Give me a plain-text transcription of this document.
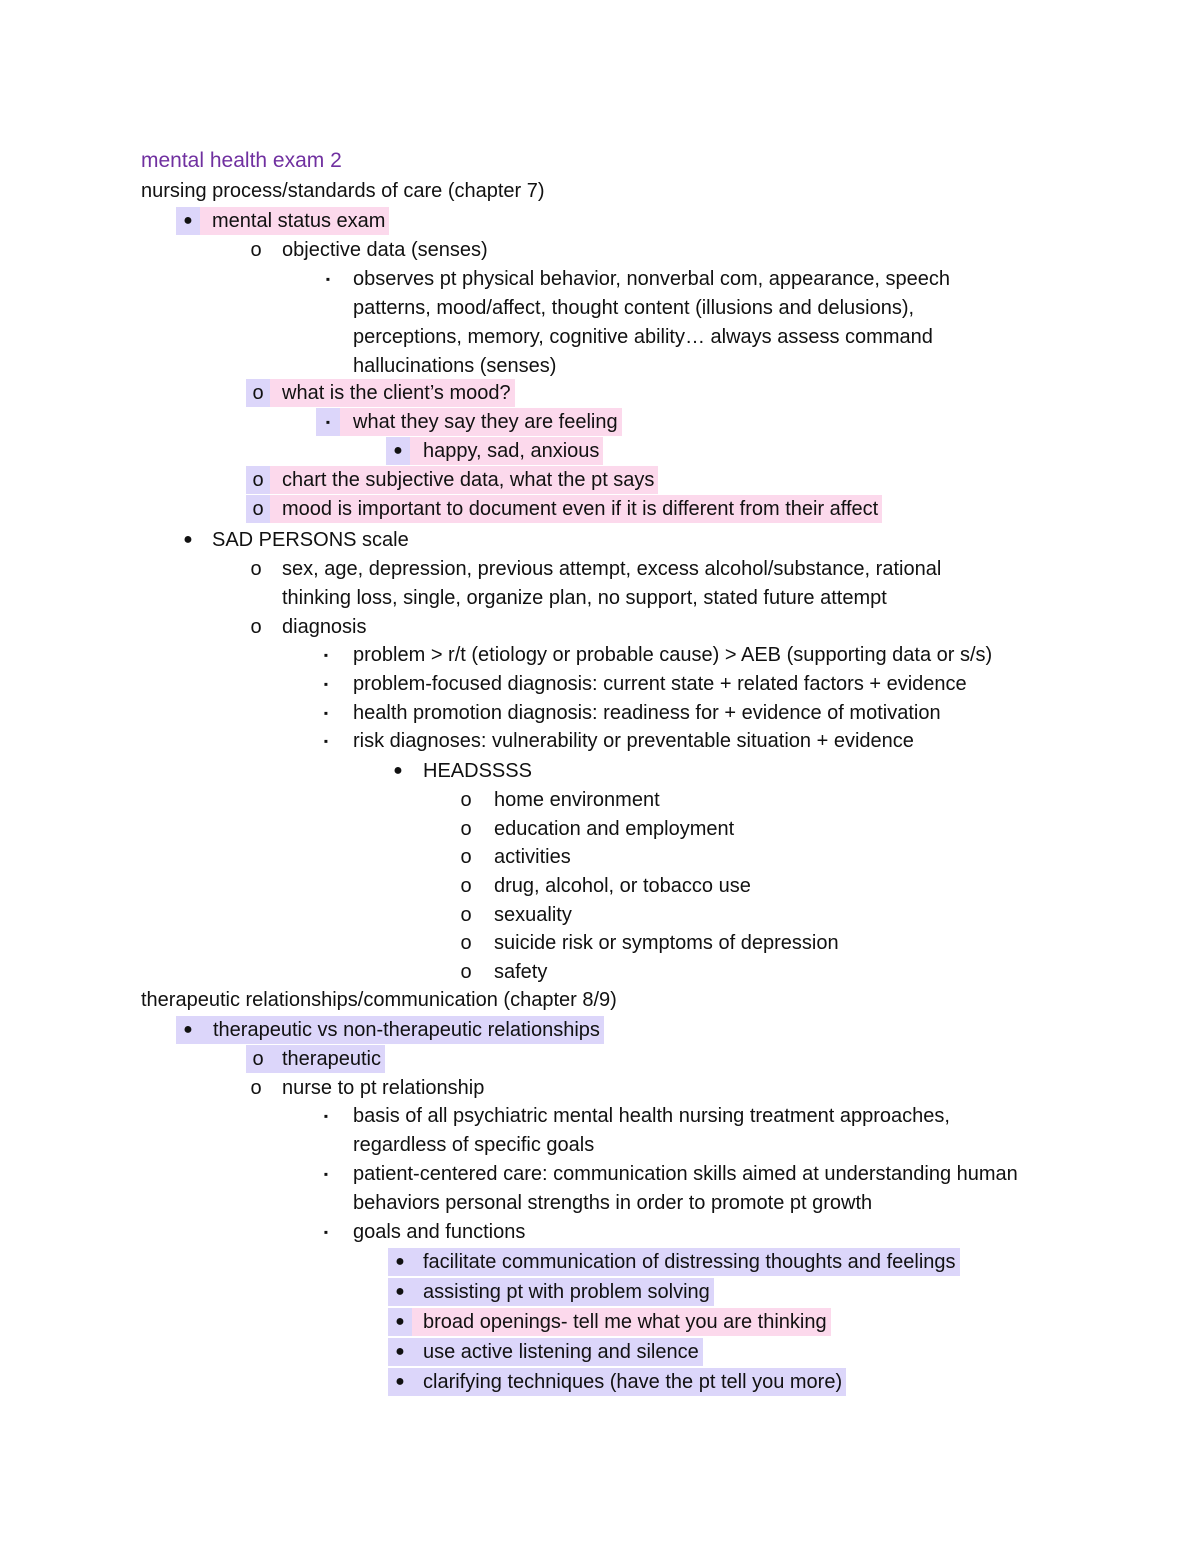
mental health exam 2
nursing process/standards of care (chapter 7)
● mental status exam
o	objective data (senses)
▪	observes pt physical behavior, nonverbal com, appearance, speech patterns, mood/affect, thought content (illusions and delusions), perceptions, memory, cognitive ability… always assess command hallucinations (senses)
o what is the client’s mood?
▪	what they say they are feeling
●	happy, sad, anxious
o chart the subjective data, what the pt says
o mood is important to document even if it is different from their affect
● SAD PERSONS scale
o	sex, age, depression, previous attempt, excess alcohol/substance, rational thinking loss, single, organize plan, no support, stated future attempt
o	diagnosis
▪	problem > r/t (etiology or probable cause) > AEB (supporting data or s/s)
▪	problem-focused diagnosis: current state + related factors + evidence
▪	health promotion diagnosis: readiness for + evidence of motivation
▪	risk diagnoses: vulnerability or preventable situation + evidence
●	HEADSSSS
o	home environment
o	education and employment
o	activities
o	drug, alcohol, or tobacco use
o	sexuality
o	suicide risk or symptoms of depression
o	safety
therapeutic relationships/communication (chapter 8/9)
●	therapeutic vs non-therapeutic relationships
o therapeutic
o	nurse to pt relationship
▪	basis of all psychiatric mental health nursing treatment approaches, regardless of specific goals
▪	patient-centered care: communication skills aimed at understanding human behaviors personal strengths in order to promote pt growth
▪	goals and functions
● facilitate communication of distressing thoughts and feelings
● assisting pt with problem solving
● broad openings- tell me what you are thinking
● use active listening and silence
● clarifying techniques (have the pt tell you more)
